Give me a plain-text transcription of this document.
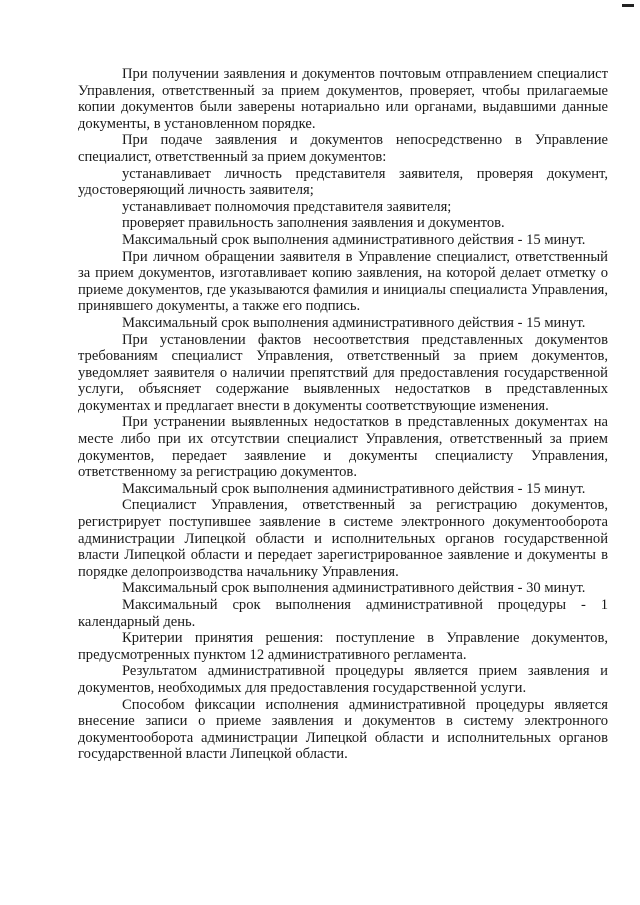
При получении заявления и документов почтовым отправлением специалист Управления, ответственный за прием документов, проверяет, чтобы прилагаемые копии документов были заверены нотариально или органами, выдавшими данные документы, в установленном порядке.

При подаче заявления и документов непосредственно в Управление специалист, ответственный за прием документов:

устанавливает личность представителя заявителя, проверяя документ, удостоверяющий личность заявителя;

устанавливает полномочия представителя заявителя;

проверяет правильность заполнения заявления и документов.

Максимальный срок выполнения административного действия - 15 минут.

При личном обращении заявителя в Управление специалист, ответственный за прием документов, изготавливает копию заявления, на которой делает отметку о приеме документов, где указываются фамилия и инициалы специалиста Управления, принявшего документы, а также его подпись.

Максимальный срок выполнения административного действия - 15 минут.

При установлении фактов несоответствия представленных документов требованиям специалист Управления, ответственный за прием документов, уведомляет заявителя о наличии препятствий для предоставления государственной услуги, объясняет содержание выявленных недостатков в представленных документах и предлагает внести в документы соответствующие изменения.

При устранении выявленных недостатков в представленных документах на месте либо при их отсутствии специалист Управления, ответственный за прием документов, передает заявление и документы специалисту Управления, ответственному за регистрацию документов.

Максимальный срок выполнения административного действия - 15 минут.

Специалист Управления, ответственный за регистрацию документов, регистрирует поступившее заявление в системе электронного документооборота администрации Липецкой области и исполнительных органов государственной власти Липецкой области и передает зарегистрированное заявление и документы в порядке делопроизводства начальнику Управления.

Максимальный срок выполнения административного действия - 30 минут.

Максимальный срок выполнения административной процедуры - 1 календарный день.

Критерии принятия решения: поступление в Управление документов, предусмотренных пунктом 12 административного регламента.

Результатом административной процедуры является прием заявления и документов, необходимых для предоставления государственной услуги.

Способом фиксации исполнения административной процедуры является внесение записи о приеме заявления и документов в систему электронного документооборота администрации Липецкой области и исполнительных органов государственной власти Липецкой области.
